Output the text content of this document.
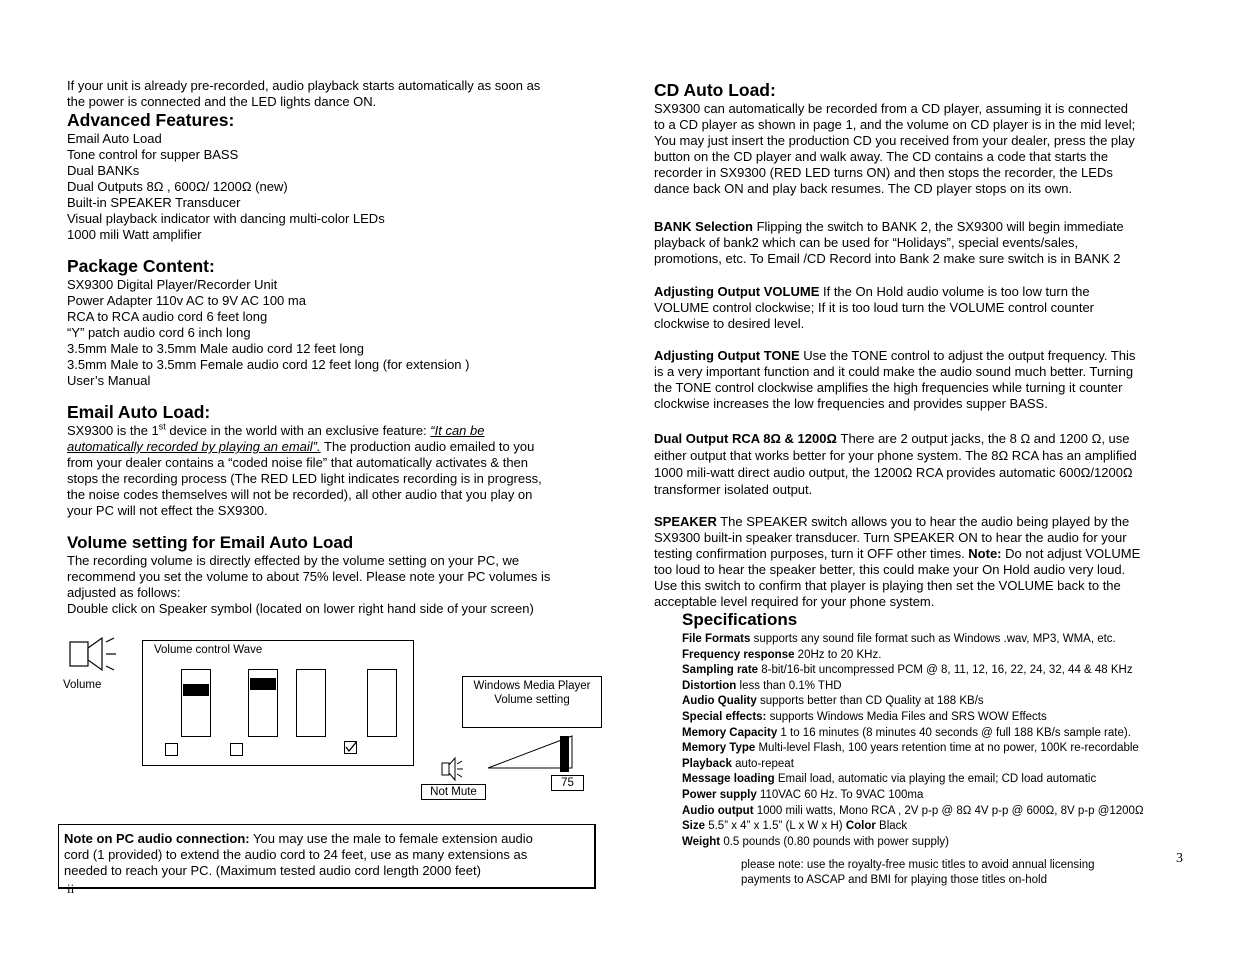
If your unit is already pre-recorded, audio playback starts automatically as soon as
the power is connected and the LED lights dance ON.
Advanced Features:
Email Auto Load
Tone control for supper BASS
Dual BANKs
Dual Outputs 8Ω , 600Ω/ 1200Ω (new)
Built-in SPEAKER Transducer
Visual playback indicator with dancing multi-color LEDs
1000 mili Watt amplifier
Package Content:
SX9300 Digital Player/Recorder Unit
Power Adapter 110v AC to 9V AC 100 ma
RCA to RCA audio cord 6 feet long
“Y” patch audio cord 6 inch long
3.5mm Male to 3.5mm Male audio cord 12 feet long
3.5mm Male to 3.5mm Female audio cord 12 feet long (for extension )
User’s Manual
Email Auto Load:
SX9300 is the 1st device in the world with an exclusive feature: “It can be
automatically recorded by playing an email”. The production audio emailed to you
from your dealer contains a “coded noise file” that automatically activates & then
stops the recording process (The RED LED light indicates recording is in progress,
the noise codes themselves will not be recorded), all other audio that you play on
your PC will not effect the SX9300.
Volume setting for Email Auto Load
The recording volume is directly effected by the volume setting on your PC, we
recommend you set the volume to about 75% level. Please note your PC volumes is
adjusted as follows:
Double click on Speaker symbol (located on lower right hand side of your screen)
Volume
Volume control Wave
Windows Media Player
Volume setting
Not Mute
75
Note on PC audio connection: You may use the male to female extension audio
cord (1 provided) to extend the audio cord to 24 feet, use as many extensions as
needed to reach your PC. (Maximum tested audio cord length 2000 feet)
ii
CD Auto Load:
SX9300 can automatically be recorded from a CD player, assuming it is connected
to a CD player as shown in page 1, and the volume on CD player is in the mid level;
You may just insert the production CD you received from your dealer, press the play
button on the CD player and walk away. The CD contains a code that starts the
recorder in SX9300 (RED LED turns ON) and then stops the recorder, the LEDs
dance back ON and play back resumes. The CD player stops on its own.
BANK Selection Flipping the switch to BANK 2, the SX9300 will begin immediate
playback of bank2 which can be used for “Holidays”, special events/sales,
promotions, etc. To Email /CD Record into Bank 2 make sure switch is in BANK 2
Adjusting Output VOLUME If the On Hold audio volume is too low turn the
VOLUME control clockwise; If it is too loud turn the VOLUME control counter
clockwise to desired level.
Adjusting Output TONE Use the TONE control to adjust the output frequency. This
is a very important function and it could make the audio sound much better. Turning
the TONE control clockwise amplifies the high frequencies while turning it counter
clockwise increases the low frequencies and provides supper BASS.
Dual Output RCA 8Ω & 1200Ω There are 2 output jacks, the 8 Ω and 1200 Ω, use
either output that works better for your phone system. The 8Ω RCA has an amplified
1000 mili-watt direct audio output, the 1200Ω RCA provides automatic 600Ω/1200Ω
transformer isolated output.
SPEAKER The SPEAKER switch allows you to hear the audio being played by the
SX9300 built-in speaker transducer. Turn SPEAKER ON to hear the audio for your
testing confirmation purposes, turn it OFF other times. Note: Do not adjust VOLUME
too loud to hear the speaker better, this could make your On Hold audio very loud.
Use this switch to confirm that player is playing then set the VOLUME back to the
acceptable level required for your phone system.
Specifications
File Formats supports any sound file format such as Windows .wav, MP3, WMA, etc.
Frequency response 20Hz to 20 KHz.
Sampling rate 8-bit/16-bit uncompressed PCM @ 8, 11, 12, 16, 22, 24, 32, 44 & 48 KHz
Distortion less than 0.1% THD
Audio Quality supports better than CD Quality at 188 KB/s
Special effects: supports Windows Media Files and SRS WOW Effects
Memory Capacity 1 to 16 minutes (8 minutes 40 seconds @ full 188 KB/s sample rate).
Memory Type Multi-level Flash, 100 years retention time at no power, 100K re-recordable
Playback auto-repeat
Message loading Email load, automatic via playing the email; CD load automatic
Power supply 110VAC 60 Hz. To 9VAC 100ma
Audio output 1000 mili watts, Mono RCA , 2V p-p @ 8Ω 4V p-p @ 600Ω, 8V p-p @1200Ω
Size 5.5” x 4” x 1.5” (L x W x H) Color Black
Weight 0.5 pounds (0.80 pounds with power supply)
please note: use the royalty-free music titles to avoid annual licensing
payments to ASCAP and BMI for playing those titles on-hold
3
